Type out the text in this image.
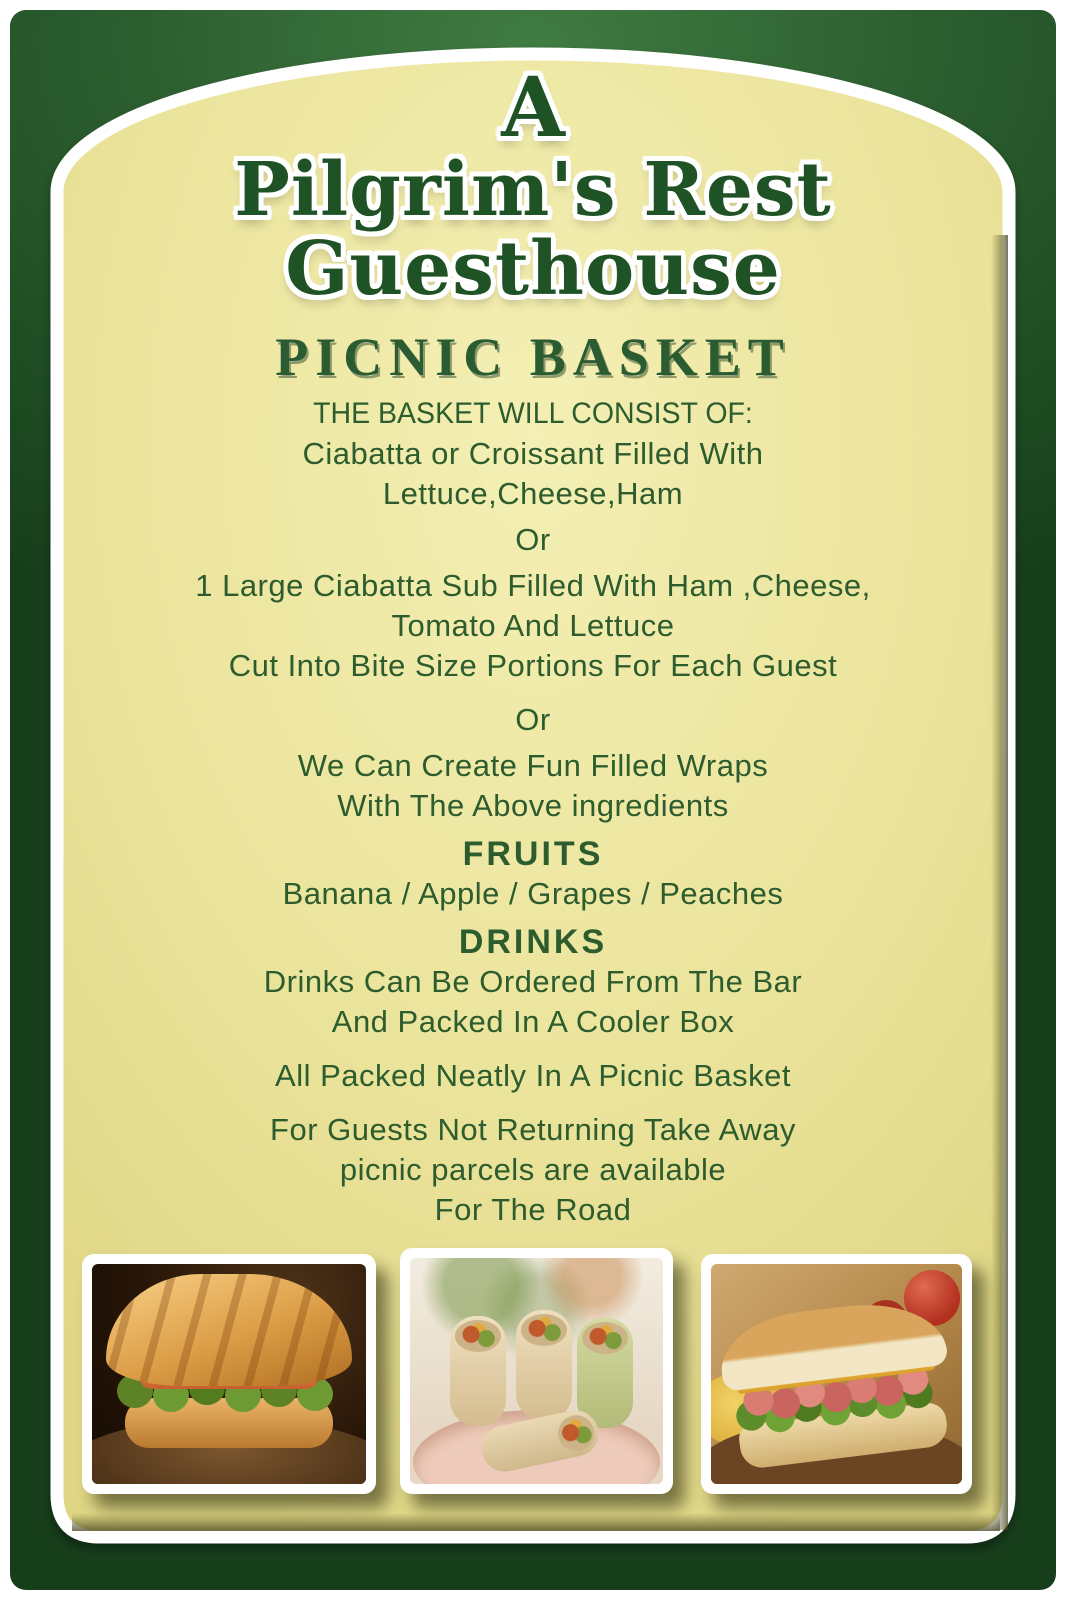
A
Pilgrim's Rest
Guesthouse
PICNIC BASKET
THE BASKET WILL CONSIST OF:
Ciabatta or Croissant Filled With
Lettuce,Cheese,Ham
Or
1 Large Ciabatta Sub Filled With Ham ,Cheese,
Tomato And Lettuce
Cut Into Bite Size Portions For Each Guest
Or
We Can Create Fun Filled Wraps
With The Above ingredients
FRUITS
Banana / Apple / Grapes / Peaches
DRINKS
Drinks Can Be Ordered From The Bar
And Packed In A Cooler Box
All Packed Neatly In A Picnic Basket
For Guests Not Returning Take Away
picnic parcels are available
For The Road
